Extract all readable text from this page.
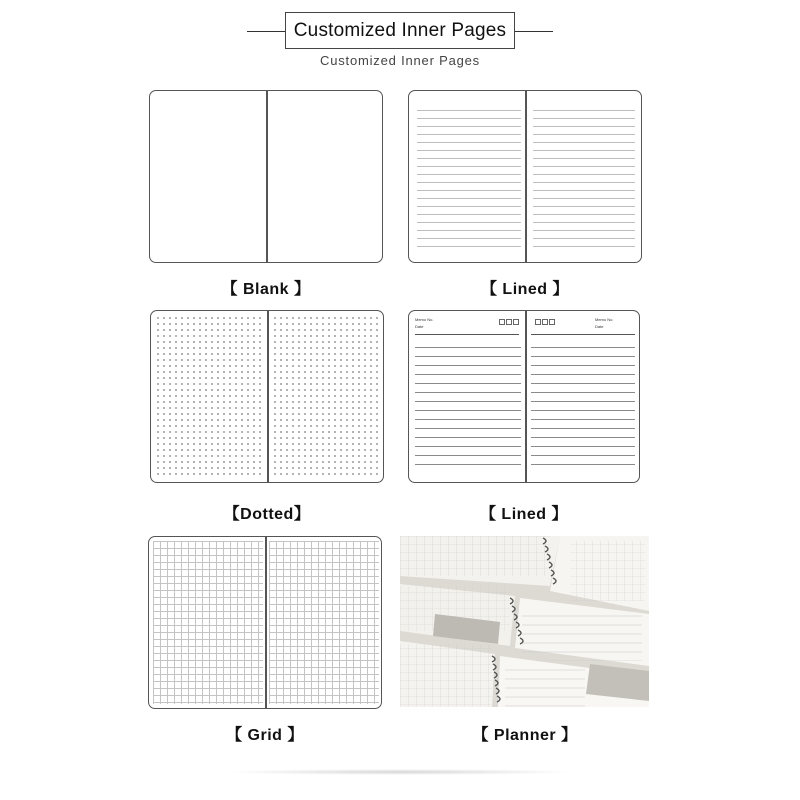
Customized Inner Pages
Customized Inner Pages
【 Blank 】	【 Lined 】
【Dotted】
Memo No.
Date
Memo No.
Date
【 Lined 】
【 Grid 】	【 Planner 】
